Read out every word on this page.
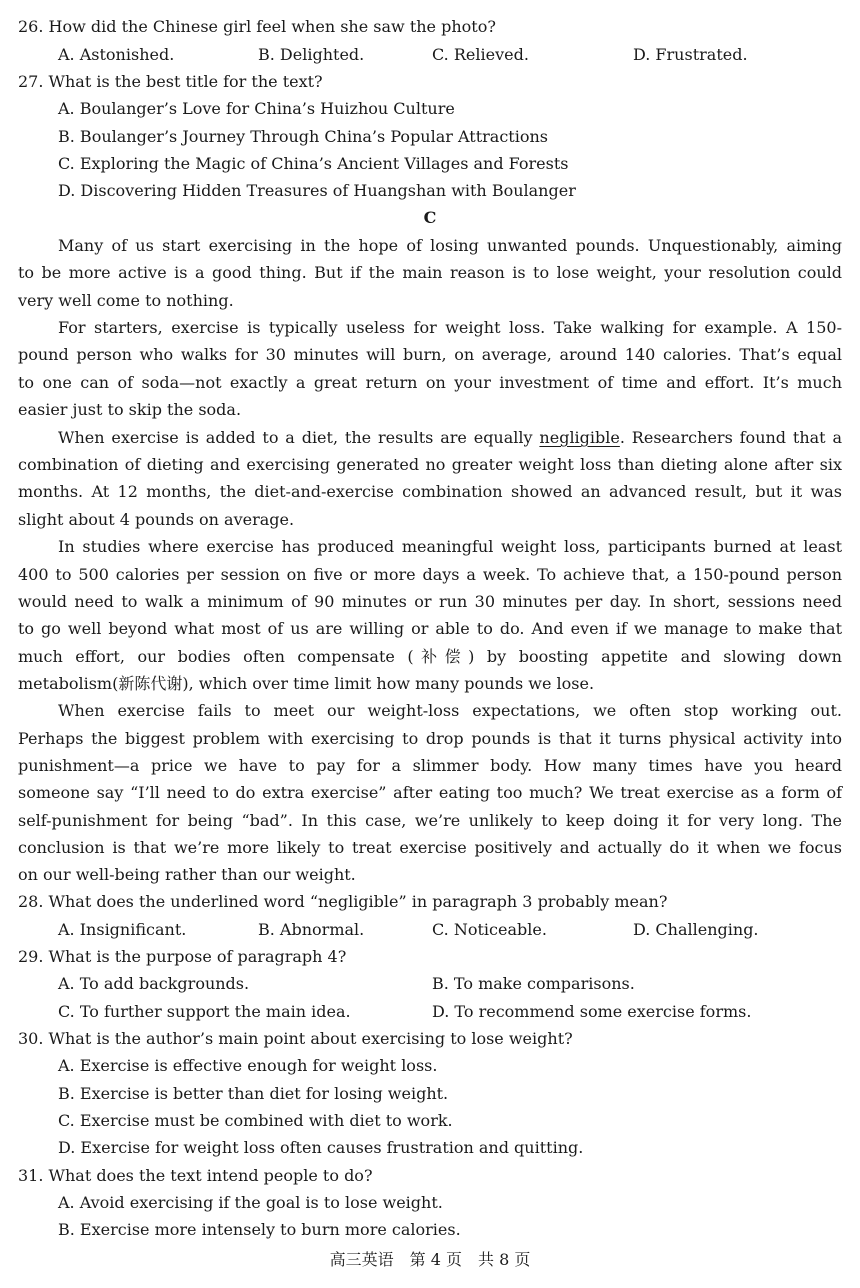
26. How did the Chinese girl feel when she saw the photo?
A. Astonished.	B. Delighted.	C. Relieved.	D. Frustrated.
27. What is the best title for the text?
A. Boulanger’s Love for China’s Huizhou Culture
B. Boulanger’s Journey Through China’s Popular Attractions
C. Exploring the Magic of China’s Ancient Villages and Forests
D. Discovering Hidden Treasures of Huangshan with Boulanger
C
Many of us start exercising in the hope of losing unwanted pounds. Unquestionably, aiming
to be more active is a good thing. But if the main reason is to lose weight, your resolution could
very well come to nothing.
For starters, exercise is typically useless for weight loss. Take walking for example. A 150-
pound person who walks for 30 minutes will burn, on average, around 140 calories. That’s equal
to one can of soda—not exactly a great return on your investment of time and effort. It’s much
easier just to skip the soda.
When exercise is added to a diet, the results are equally negligible. Researchers found that a
combination of dieting and exercising generated no greater weight loss than dieting alone after six
months. At 12 months, the diet-and-exercise combination showed an advanced result, but it was
slight about 4 pounds on average.
In studies where exercise has produced meaningful weight loss, participants burned at least
400 to 500 calories per session on five or more days a week. To achieve that, a 150-pound person
would need to walk a minimum of 90 minutes or run 30 minutes per day. In short, sessions need
to go well beyond what most of us are willing or able to do. And even if we manage to make that
much effort, our bodies often compensate (补偿) by boosting appetite and slowing down
metabolism(新陈代谢), which over time limit how many pounds we lose.
When exercise fails to meet our weight-loss expectations, we often stop working out.
Perhaps the biggest problem with exercising to drop pounds is that it turns physical activity into
punishment—a price we have to pay for a slimmer body. How many times have you heard
someone say “I’ll need to do extra exercise” after eating too much? We treat exercise as a form of
self-punishment for being “bad”. In this case, we’re unlikely to keep doing it for very long. The
conclusion is that we’re more likely to treat exercise positively and actually do it when we focus
on our well-being rather than our weight.
28. What does the underlined word “negligible” in paragraph 3 probably mean?
A. Insignificant.	B. Abnormal.	C. Noticeable.	D. Challenging.
29. What is the purpose of paragraph 4?
A. To add backgrounds.	B. To make comparisons.
C. To further support the main idea.	D. To recommend some exercise forms.
30. What is the author’s main point about exercising to lose weight?
A. Exercise is effective enough for weight loss.
B. Exercise is better than diet for losing weight.
C. Exercise must be combined with diet to work.
D. Exercise for weight loss often causes frustration and quitting.
31. What does the text intend people to do?
A. Avoid exercising if the goal is to lose weight.
B. Exercise more intensely to burn more calories.
高三英语　第 4 页　共 8 页
